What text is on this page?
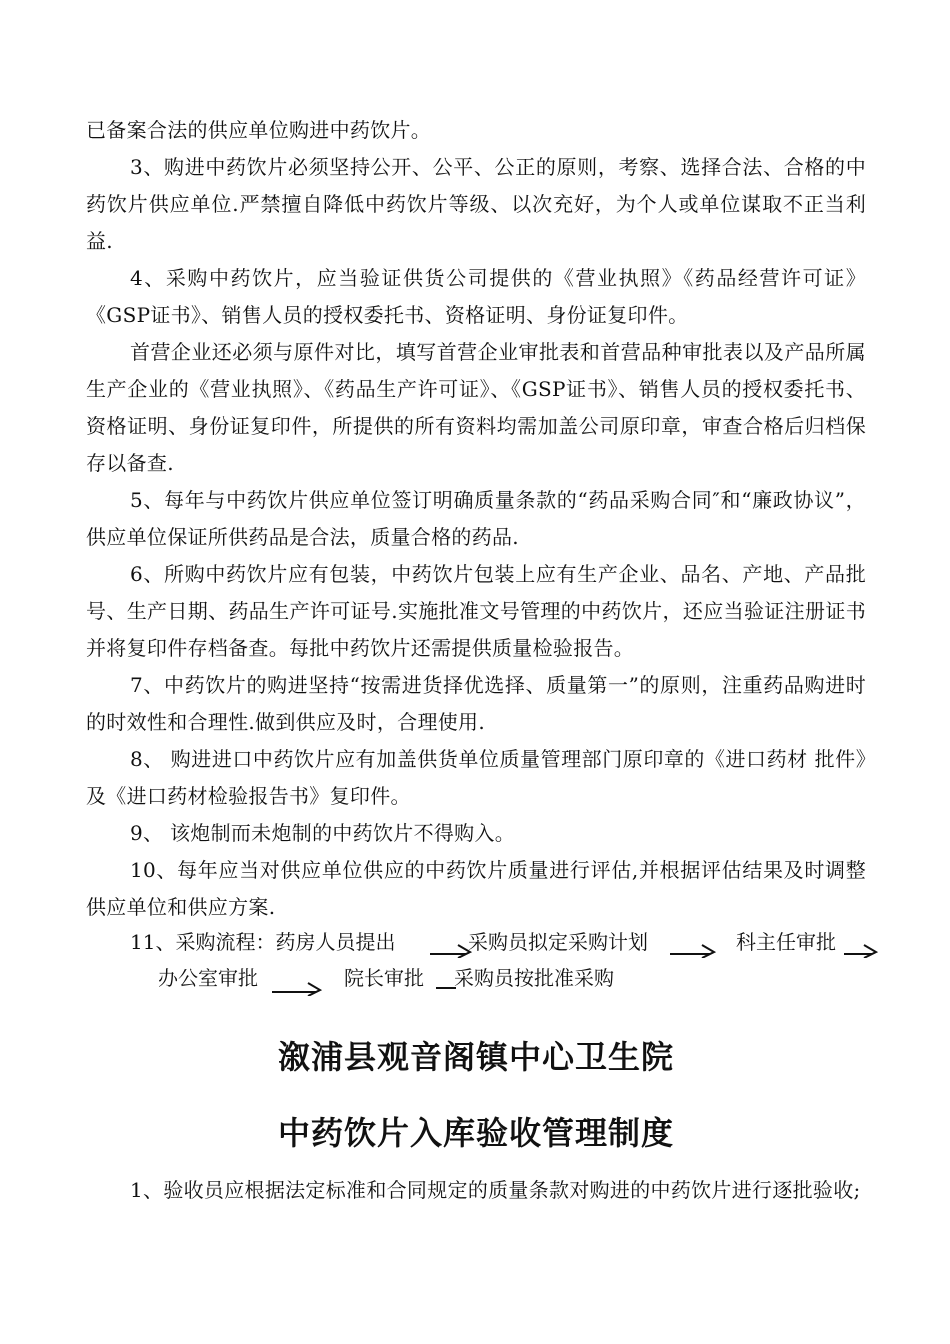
已备案合法的供应单位购进中药饮片。

3、购进中药饮片必须坚持公开、公平、公正的原则，考察、选择合法、合格的中药饮片供应单位.严禁擅自降低中药饮片等级、以次充好，为个人或单位谋取不正当利益.

4、采购中药饮片，应当验证供货公司提供的《营业执照》《药品经营许可证》《GSP证书》、销售人员的授权委托书、资格证明、身份证复印件。

首营企业还必须与原件对比，填写首营企业审批表和首营品种审批表以及产品所属生产企业的《营业执照》、《药品生产许可证》、《GSP证书》、销售人员的授权委托书、资格证明、身份证复印件，所提供的所有资料均需加盖公司原印章，审查合格后归档保存以备查.

5、每年与中药饮片供应单位签订明确质量条款的“药品采购合同″和“廉政协议”，供应单位保证所供药品是合法，质量合格的药品.

6、所购中药饮片应有包装，中药饮片包装上应有生产企业、品名、产地、产品批号、生产日期、药品生产许可证号.实施批准文号管理的中药饮片，还应当验证注册证书并将复印件存档备查。每批中药饮片还需提供质量检验报告。

7、中药饮片的购进坚持“按需进货择优选择、质量第一”的原则，注重药品购进时的时效性和合理性.做到供应及时，合理使用.

8、 购进进口中药饮片应有加盖供货单位质量管理部门原印章的《进口药材 批件》及《进口药材检验报告书》复印件。

9、 该炮制而未炮制的中药饮片不得购入。

10、每年应当对供应单位供应的中药饮片质量进行评估,并根据评估结果及时调整供应单位和供应方案.

11、采购流程：药房人员提出	采购员拟定采购计划	科主任审批
办公室审批	院长审批 采购员按批准采购
溆浦县观音阁镇中心卫生院
中药饮片入库验收管理制度

1、验收员应根据法定标准和合同规定的质量条款对购进的中药饮片进行逐批验收;
